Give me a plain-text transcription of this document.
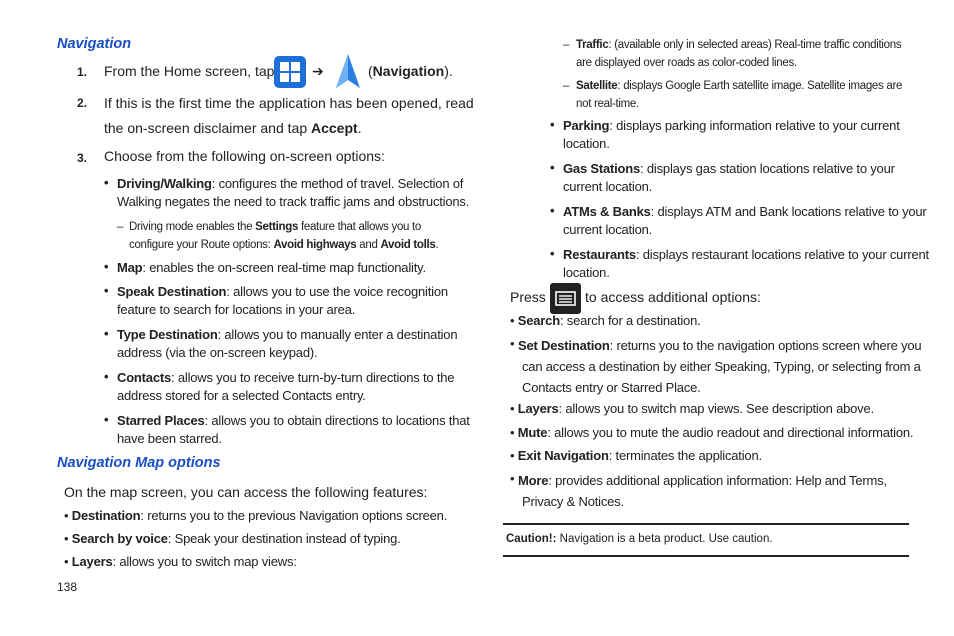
Navigation
1. From the Home screen, tap	➔	(Navigation).
2. If this is the first time the application has been opened, read
the on-screen disclaimer and tap Accept.
3. Choose from the following on-screen options:
• Driving/Walking: configures the method of travel. Selection of
Walking negates the need to track traffic jams and obstructions.
– Driving mode enables the Settings feature that allows you to
configure your Route options: Avoid highways and Avoid tolls.
• Map: enables the on-screen real-time map functionality.
• Speak Destination: allows you to use the voice recognition
feature to search for locations in your area.
• Type Destination: allows you to manually enter a destination
address (via the on-screen keypad).
• Contacts: allows you to receive turn-by-turn directions to the
address stored for a selected Contacts entry.
• Starred Places: allows you to obtain directions to locations that
have been starred.
Navigation Map options
On the map screen, you can access the following features:
• Destination: returns you to the previous Navigation options screen.
• Search by voice: Speak your destination instead of typing.
• Layers: allows you to switch map views:
138
– Traffic: (available only in selected areas) Real-time traffic conditions
are displayed over roads as color-coded lines.
– Satellite: displays Google Earth satellite image. Satellite images are
not real-time.
• Parking: displays parking information relative to your current
location.
• Gas Stations: displays gas station locations relative to your
current location.
• ATMs & Banks: displays ATM and Bank locations relative to your
current location.
• Restaurants: displays restaurant locations relative to your current
location.
Press	to access additional options:
• Search: search for a destination.
• Set Destination: returns you to the navigation options screen where you
can access a destination by either Speaking, Typing, or selecting from a
Contacts entry or Starred Place.
• Layers: allows you to switch map views. See description above.
• Mute: allows you to mute the audio readout and directional information.
• Exit Navigation: terminates the application.
• More: provides additional application information: Help and Terms,
Privacy & Notices.
Caution!: Navigation is a beta product. Use caution.
